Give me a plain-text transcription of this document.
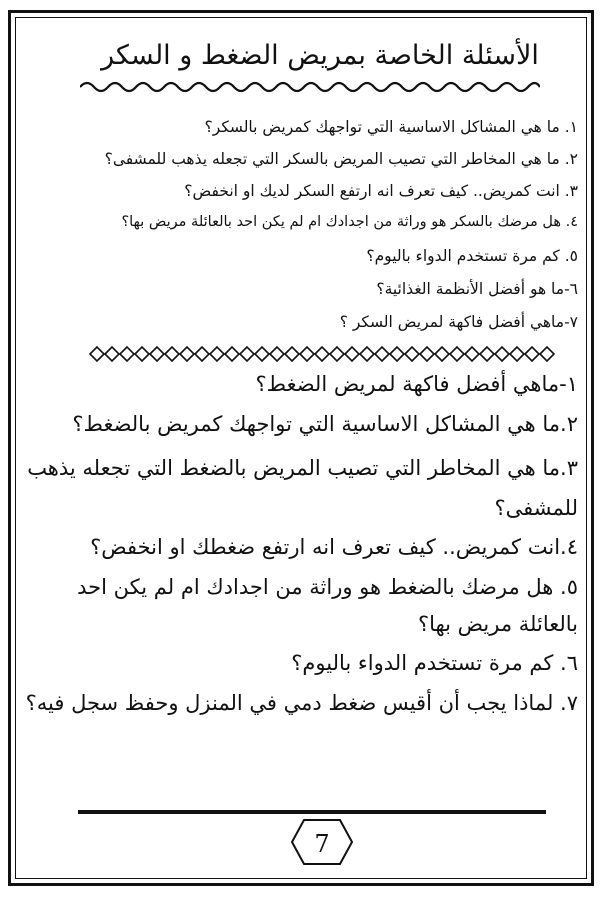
الأسئلة الخاصة بمريض الضغط و السكر
١. ما هي المشاكل الاساسية التي تواجهك كمريض بالسكر؟
٢. ما هي المخاطر التي تصيب المريض بالسكر التي تجعله يذهب للمشفى؟
٣. انت كمريض.. كيف تعرف انه ارتفع السكر لديك او انخفض؟
٤. هل مرضك بالسكر هو وراثة من اجدادك ام لم يكن احد بالعائلة مريض بها؟
٥. كم مرة تستخدم الدواء باليوم؟
٦-ما هو أفضل الأنظمة الغذائية؟
٧-ماهي أفضل فاكهة لمريض السكر ؟
١-ماهي أفضل فاكهة لمريض الضغط؟
٢.ما هي المشاكل الاساسية التي تواجهك كمريض بالضغط؟
٣.ما هي المخاطر التي تصيب المريض بالضغط التي تجعله يذهب
للمشفى؟
٤.انت كمريض.. كيف تعرف انه ارتفع ضغطك او انخفض؟
٥. هل مرضك بالضغط هو وراثة من اجدادك ام لم يكن احد
بالعائلة مريض بها؟
٦. كم مرة تستخدم الدواء باليوم؟
٧. لماذا يجب أن أقيس ضغط دمي في المنزل وحفظ سجل فيه؟
7
